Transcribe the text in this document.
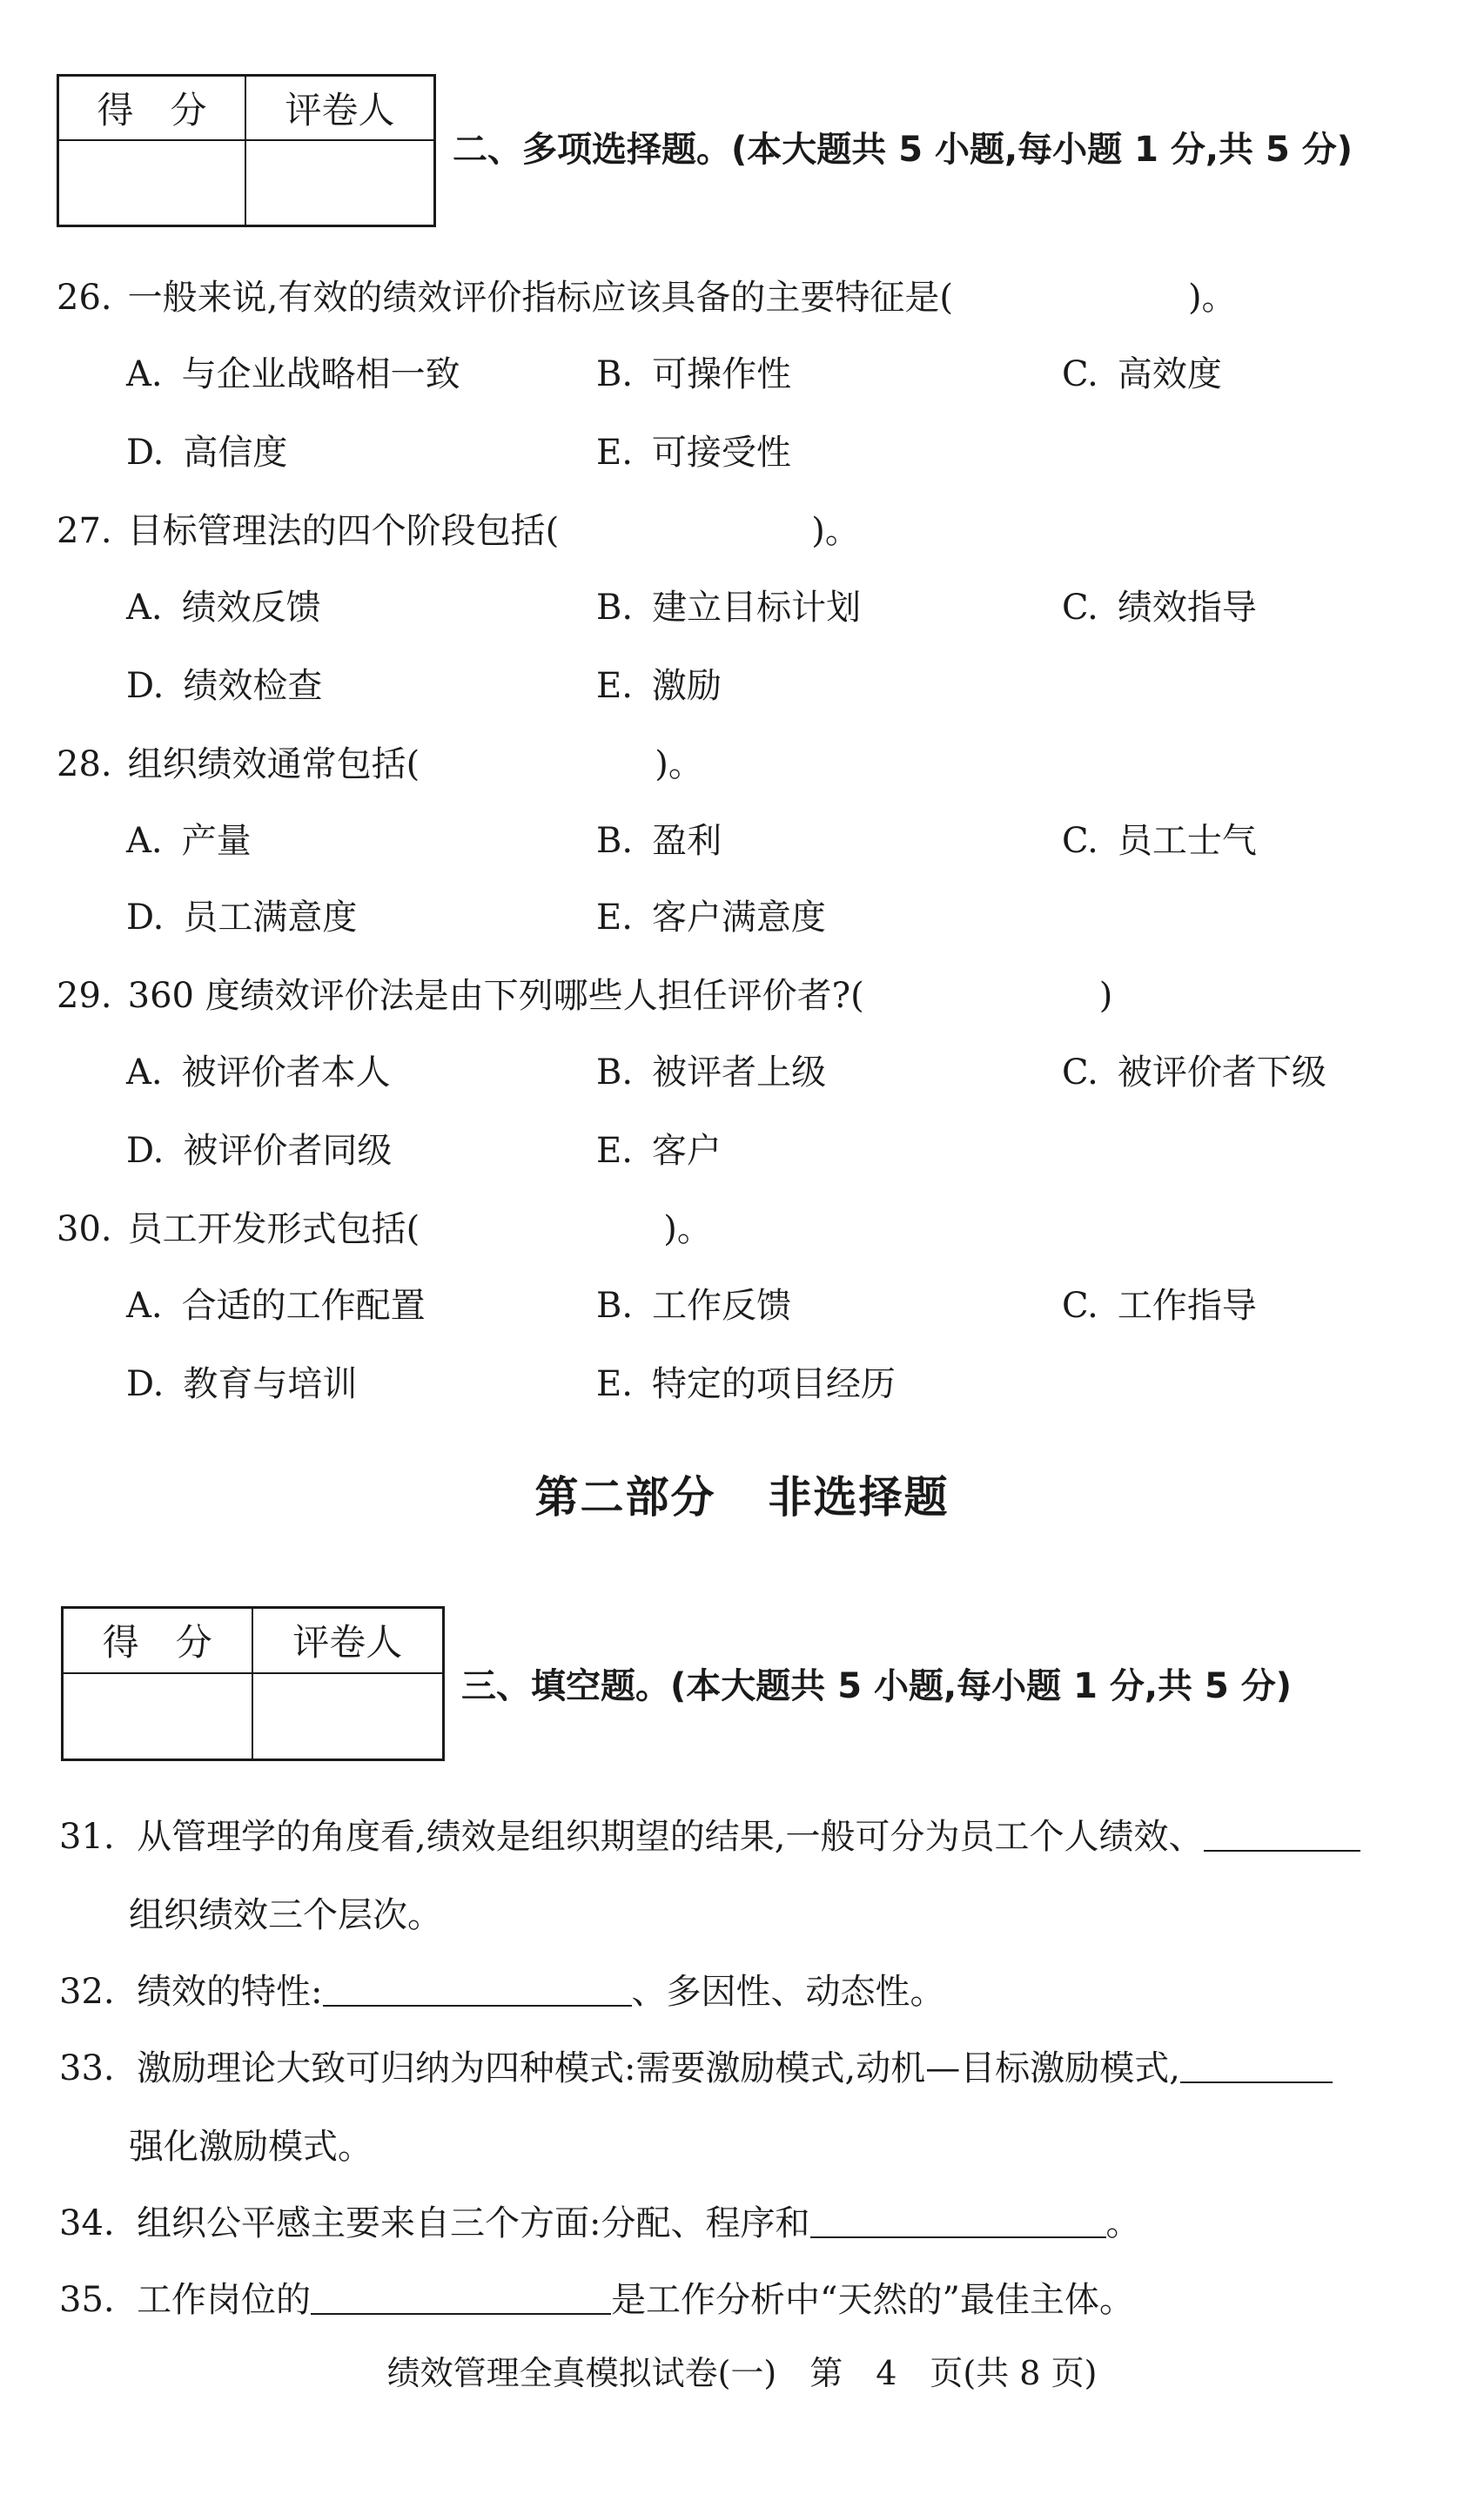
得　分	评卷人
二、多项选择题。(本大题共 5 小题,每小题 1 分,共 5 分)
26. 一般来说,有效的绩效评价指标应该具备的主要特征是(	)。
A. 与企业战略相一致	B. 可操作性	C. 高效度
D. 高信度	E. 可接受性
27. 目标管理法的四个阶段包括(	)。
A. 绩效反馈	B. 建立目标计划	C. 绩效指导
D. 绩效检查	E. 激励
28. 组织绩效通常包括(	)。
A. 产量	B. 盈利	C. 员工士气
D. 员工满意度	E. 客户满意度
29. 360 度绩效评价法是由下列哪些人担任评价者?(	)
A. 被评价者本人	B. 被评者上级	C. 被评价者下级
D. 被评价者同级	E. 客户
30. 员工开发形式包括(	)。
A. 合适的工作配置	B. 工作反馈	C. 工作指导
D. 教育与培训	E. 特定的项目经历
第二部分 非选择题
得　分	评卷人
三、填空题。(本大题共 5 小题,每小题 1 分,共 5 分)
31. 从管理学的角度看,绩效是组织期望的结果,一般可分为员工个人绩效、
组织绩效三个层次。
32. 绩效的特性:	、多因性、动态性。
33. 激励理论大致可归纳为四种模式:需要激励模式,动机—目标激励模式,
强化激励模式。
34. 组织公平感主要来自三个方面:分配、程序和	。
35. 工作岗位的	是工作分析中“天然的”最佳主体。
绩效管理全真模拟试卷(一)　第　4　页(共 8 页)
